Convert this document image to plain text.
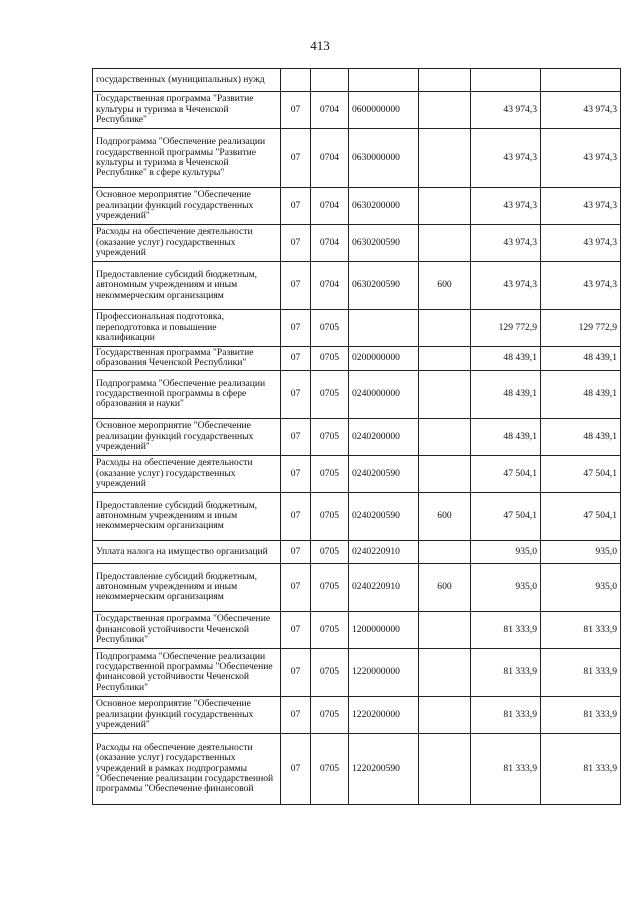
413
государственных (муниципальных) нужд						
Государственная программа "Развитие культуры и туризма в Чеченской Республике"	07	0704	0600000000		43 974,3	43 974,3
Подпрограмма "Обеспечение реализации государственной программы "Развитие культуры и туризма в Чеченской Республике" в сфере культуры"	07	0704	0630000000		43 974,3	43 974,3
Основное мероприятие "Обеспечение реализации функций государственных учреждений"	07	0704	0630200000		43 974,3	43 974,3
Расходы на обеспечение деятельности (оказание услуг) государственных учреждений	07	0704	0630200590		43 974,3	43 974,3
Предоставление субсидий бюджетным, автономным учреждениям и иным некоммерческим организациям	07	0704	0630200590	600	43 974,3	43 974,3
Профессиональная подготовка, переподготовка и повышение квалификации	07	0705			129 772,9	129 772,9
Государственная программа "Развитие образования Чеченской Республики"	07	0705	0200000000		48 439,1	48 439,1
Подпрограмма "Обеспечение реализации государственной программы в сфере образования и науки"	07	0705	0240000000		48 439,1	48 439,1
Основное мероприятие "Обеспечение реализации функций государственных учреждений"	07	0705	0240200000		48 439,1	48 439,1
Расходы на обеспечение деятельности (оказание услуг) государственных учреждений	07	0705	0240200590		47 504,1	47 504,1
Предоставление субсидий бюджетным, автономным учреждениям и иным некоммерческим организациям	07	0705	0240200590	600	47 504,1	47 504,1
Уплата налога на имущество организаций	07	0705	0240220910		935,0	935,0
Предоставление субсидий бюджетным, автономным учреждениям и иным некоммерческим организациям	07	0705	0240220910	600	935,0	935,0
Государственная программа "Обеспечение финансовой устойчивости Чеченской Республики"	07	0705	1200000000		81 333,9	81 333,9
Подпрограмма "Обеспечение реализации государственной программы "Обеспечение финансовой устойчивости Чеченской Республики"	07	0705	1220000000		81 333,9	81 333,9
Основное мероприятие "Обеспечение реализации функций государственных учреждений"	07	0705	1220200000		81 333,9	81 333,9
Расходы на обеспечение деятельности (оказание услуг) государственных учреждений в рамках подпрограммы "Обеспечение реализации государственной программы "Обеспечение финансовой	07	0705	1220200590		81 333,9	81 333,9
